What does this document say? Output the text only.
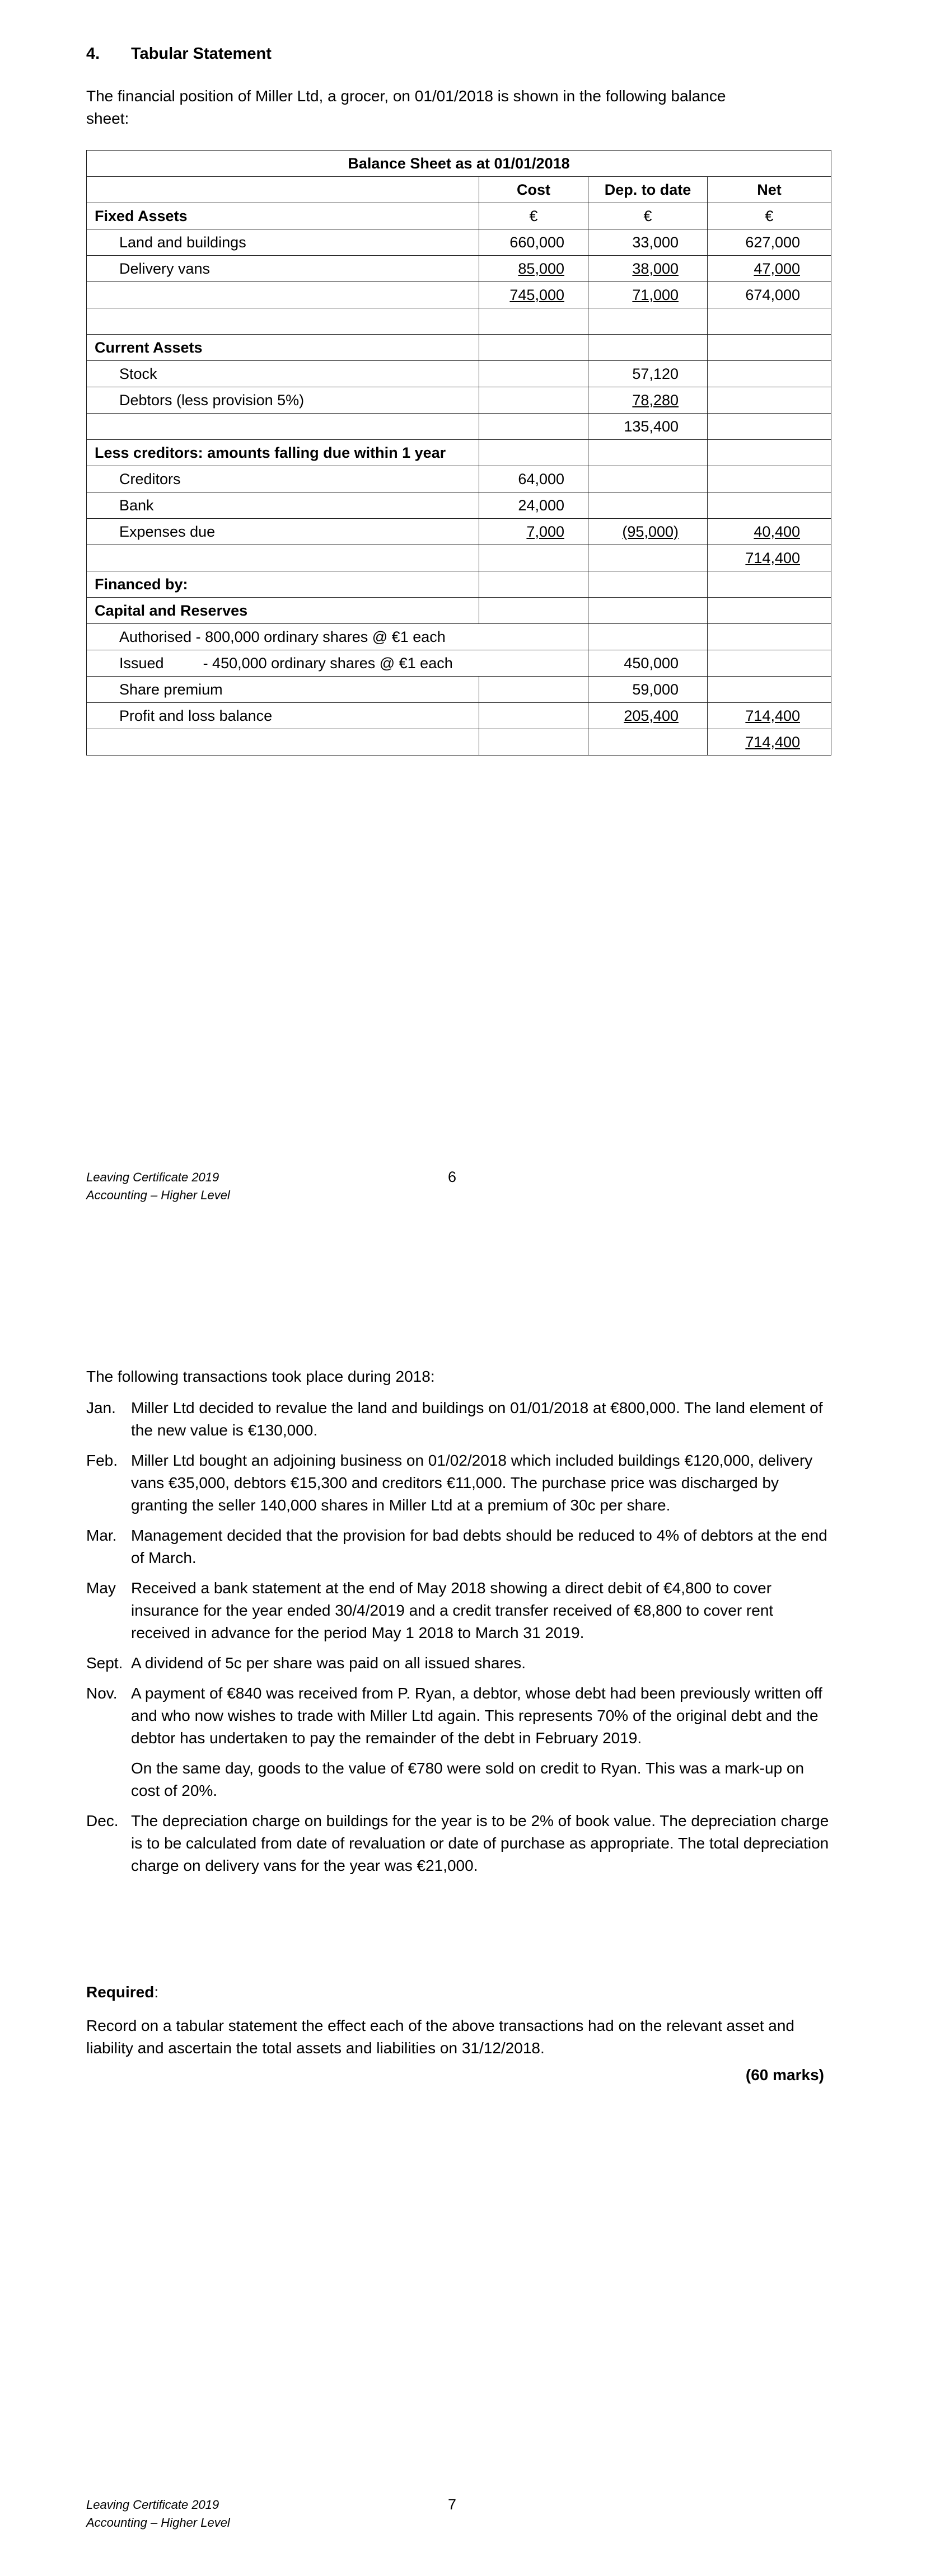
4. Tabular Statement
The financial position of Miller Ltd, a grocer, on 01/01/2018 is shown in the following balance sheet:
Balance Sheet as at 01/01/2018			
	Cost	Dep. to date	Net
Fixed Assets	€	€	€
Land and buildings	660,000	33,000	627,000
Delivery vans	85,000	38,000	47,000
	745,000	71,000	674,000

Current Assets			
Stock		57,120	
Debtors (less provision 5%)		78,280	
		135,400	
Less creditors: amounts falling due within 1 year			
Creditors	64,000		
Bank	24,000		
Expenses due	7,000	(95,000)	40,400
			714,400
Financed by:			
Capital and Reserves			
Authorised - 800,000 ordinary shares @ €1 each			
Issued - 450,000 ordinary shares @ €1 each		450,000	
Share premium		59,000	
Profit and loss balance		205,400	714,400
			714,400
Leaving Certificate 2019
Accounting – Higher Level
6
The following transactions took place during 2018:
Jan. Miller Ltd decided to revalue the land and buildings on 01/01/2018 at €800,000. The land element of the new value is €130,000.
Feb. Miller Ltd bought an adjoining business on 01/02/2018 which included buildings €120,000, delivery vans €35,000, debtors €15,300 and creditors €11,000. The purchase price was discharged by granting the seller 140,000 shares in Miller Ltd at a premium of 30c per share.
Mar. Management decided that the provision for bad debts should be reduced to 4% of debtors at the end of March.
May Received a bank statement at the end of May 2018 showing a direct debit of €4,800 to cover insurance for the year ended 30/4/2019 and a credit transfer received of €8,800 to cover rent received in advance for the period May 1 2018 to March 31 2019.
Sept. A dividend of 5c per share was paid on all issued shares.
Nov. A payment of €840 was received from P. Ryan, a debtor, whose debt had been previously written off and who now wishes to trade with Miller Ltd again. This represents 70% of the original debt and the debtor has undertaken to pay the remainder of the debt in February 2019.
On the same day, goods to the value of €780 were sold on credit to Ryan. This was a mark-up on cost of 20%.
Dec. The depreciation charge on buildings for the year is to be 2% of book value. The depreciation charge is to be calculated from date of revaluation or date of purchase as appropriate. The total depreciation charge on delivery vans for the year was €21,000.
Required:
Record on a tabular statement the effect each of the above transactions had on the relevant asset and liability and ascertain the total assets and liabilities on 31/12/2018.
(60 marks)
Leaving Certificate 2019
Accounting – Higher Level
7
